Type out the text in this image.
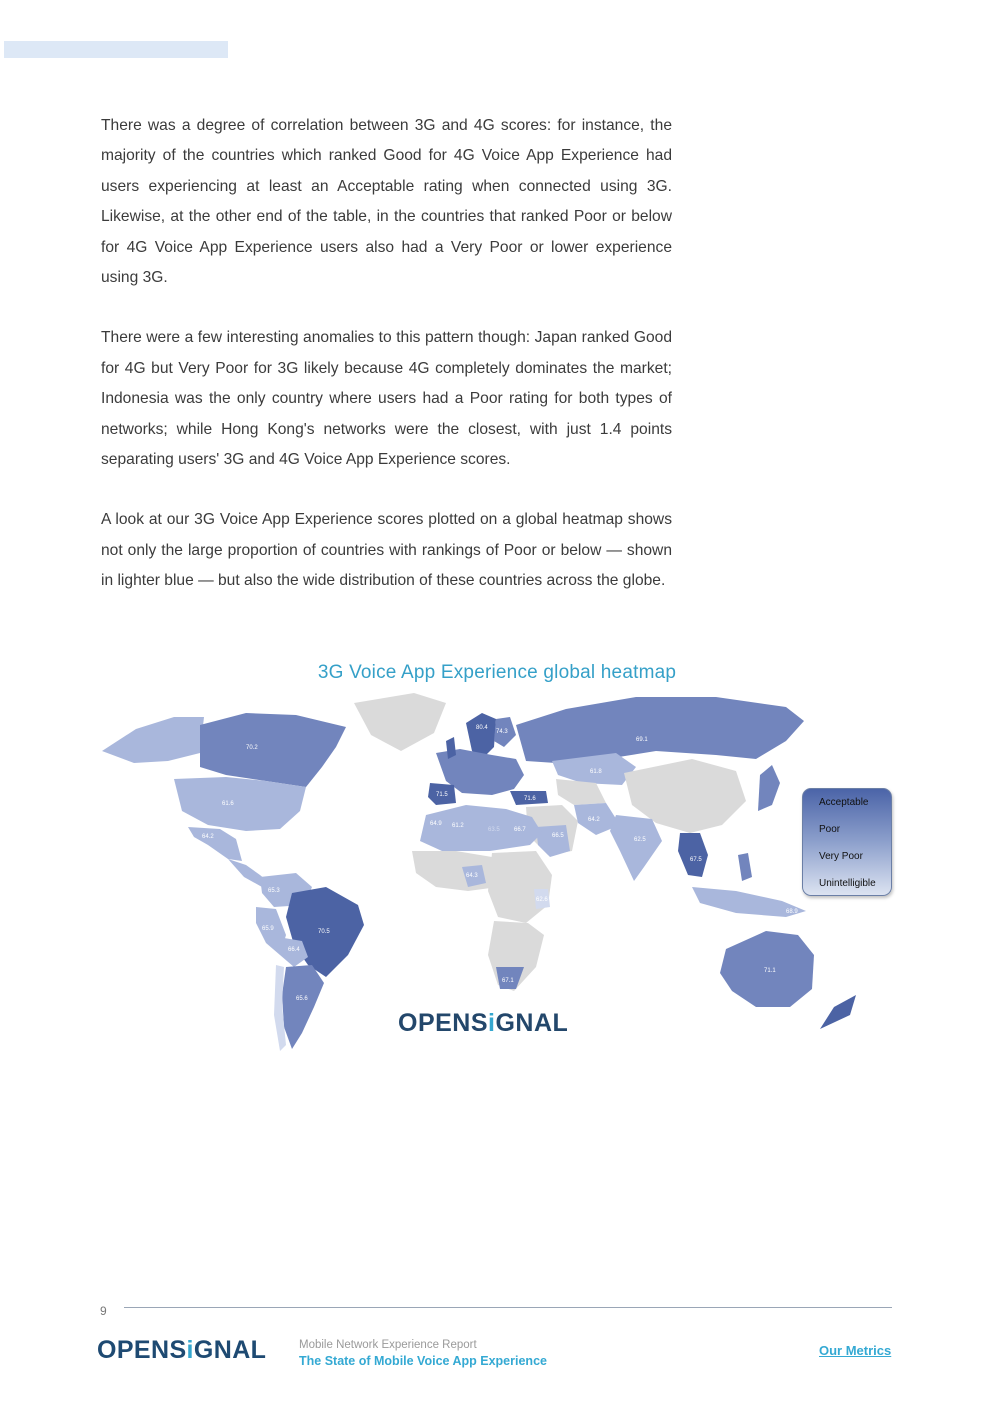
There was a degree of correlation between 3G and 4G scores: for instance, the majority of the countries which ranked Good for 4G Voice App Experience had users experiencing at least an Acceptable rating when connected using 3G. Likewise, at the other end of the table, in the countries that ranked Poor or below for 4G Voice App Experience users also had a Very Poor or lower experience using 3G.

There were a few interesting anomalies to this pattern though: Japan ranked Good for 4G but Very Poor for 3G likely because 4G completely dominates the market; Indonesia was the only country where users had a Poor rating for both types of networks; while Hong Kong's networks were the closest, with just 1.4 points separating users' 3G and 4G Voice App Experience scores.

A look at our 3G Voice App Experience scores plotted on a global heatmap shows not only the large proportion of countries with rankings of Poor or below — shown in lighter blue — but also the wide distribution of these countries across the globe.

70.2
61.6
64.2
65.3
65.9
66.4
70.5
65.6
80.4
74.3
69.1
61.8
71.5
71.6
64.9 61.2
63.5 66.7
66.5
64.2
62.5
67.5
64.3
62.6
68.9
71.1
67.1
3G Voice App Experience global heatmap
Acceptable
Poor
Very Poor
Unintelligible
OPENSiGNAL
9
OPENSiGNAL	Mobile Network Experience Report
The State of Mobile Voice App Experience
Our Metrics
